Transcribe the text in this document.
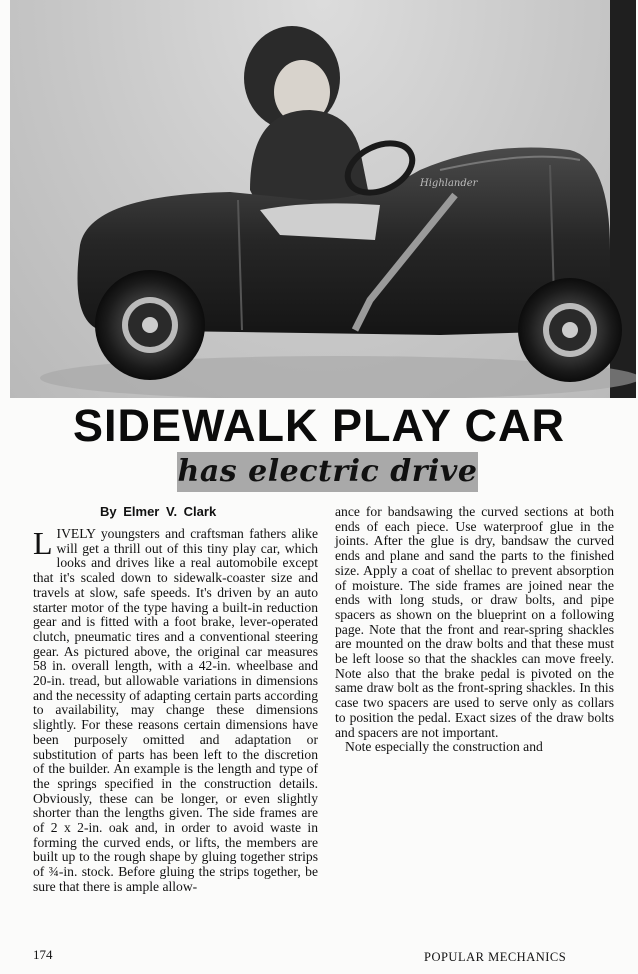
Highlander
SIDEWALK PLAY CAR
has electric drive
By Elmer V. Clark

LIVELY youngsters and craftsman fathers alike will get a thrill out of this tiny play car, which looks and drives like a real automobile except that it's scaled down to sidewalk-coaster size and travels at slow, safe speeds. It's driven by an auto starter motor of the type having a built-in reduction gear and is fitted with a foot brake, lever-operated clutch, pneumatic tires and a conventional steering gear. As pictured above, the original car measures 58 in. overall length, with a 42-in. wheelbase and 20-in. tread, but allowable variations in dimensions and the necessity of adapting certain parts according to availability, may change these dimensions slightly. For these reasons certain dimensions have been purposely omitted and adaptation or substitution of parts has been left to the discretion of the builder. An example is the length and type of the springs specified in the construction details. Obviously, these can be longer, or even slightly shorter than the lengths given. The side frames are of 2 x 2-in. oak and, in order to avoid waste in forming the curved ends, or lifts, the members are built up to the rough shape by gluing together strips of ¾-in. stock. Before gluing the strips together, be sure that there is ample allow-

ance for bandsawing the curved sections at both ends of each piece. Use waterproof glue in the joints. After the glue is dry, bandsaw the curved ends and plane and sand the parts to the finished size. Apply a coat of shellac to prevent absorption of moisture. The side frames are joined near the ends with long studs, or draw bolts, and pipe spacers as shown on the blueprint on a following page. Note that the front and rear-spring shackles are mounted on the draw bolts and that these must be left loose so that the shackles can move freely. Note also that the brake pedal is pivoted on the same draw bolt as the front-spring shackles. In this case two spacers are used to serve only as collars to position the pedal. Exact sizes of the draw bolts and spacers are not important.

Note especially the construction and

174	POPULAR MECHANICS
